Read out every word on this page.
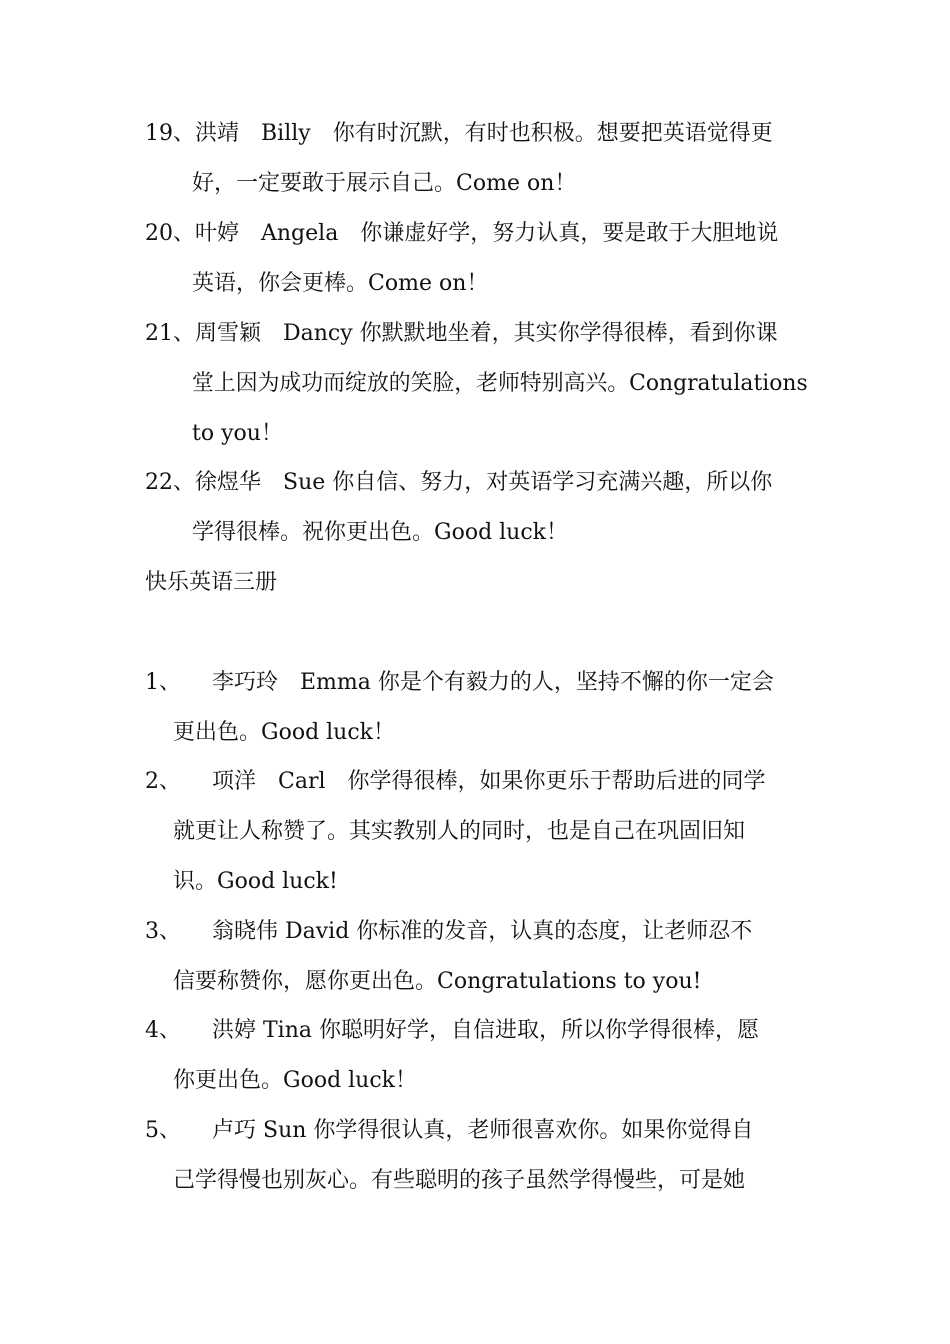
19、洪靖　Billy　你有时沉默，有时也积极。想要把英语觉得更
好，一定要敢于展示自己。Come on！
20、叶婷　Angela　你谦虚好学，努力认真，要是敢于大胆地说
英语，你会更棒。Come on！
21、周雪颖　Dancy 你默默地坐着，其实你学得很棒，看到你课
堂上因为成功而绽放的笑脸，老师特别高兴。Congratulations
to you！
22、徐煜华　Sue 你自信、努力，对英语学习充满兴趣，所以你
学得很棒。祝你更出色。Good luck！
快乐英语三册
1、 李巧玲　Emma 你是个有毅力的人，坚持不懈的你一定会
更出色。Good luck！
2、 项洋　Carl　你学得很棒，如果你更乐于帮助后进的同学
就更让人称赞了。其实教别人的同时，也是自己在巩固旧知
识。Good luck!
3、 翁晓伟 David 你标准的发音，认真的态度，让老师忍不
信要称赞你，愿你更出色。Congratulations to you!
4、 洪婷 Tina 你聪明好学，自信进取，所以你学得很棒，愿
你更出色。Good luck！
5、 卢巧 Sun 你学得很认真，老师很喜欢你。如果你觉得自
己学得慢也别灰心。有些聪明的孩子虽然学得慢些，可是她
